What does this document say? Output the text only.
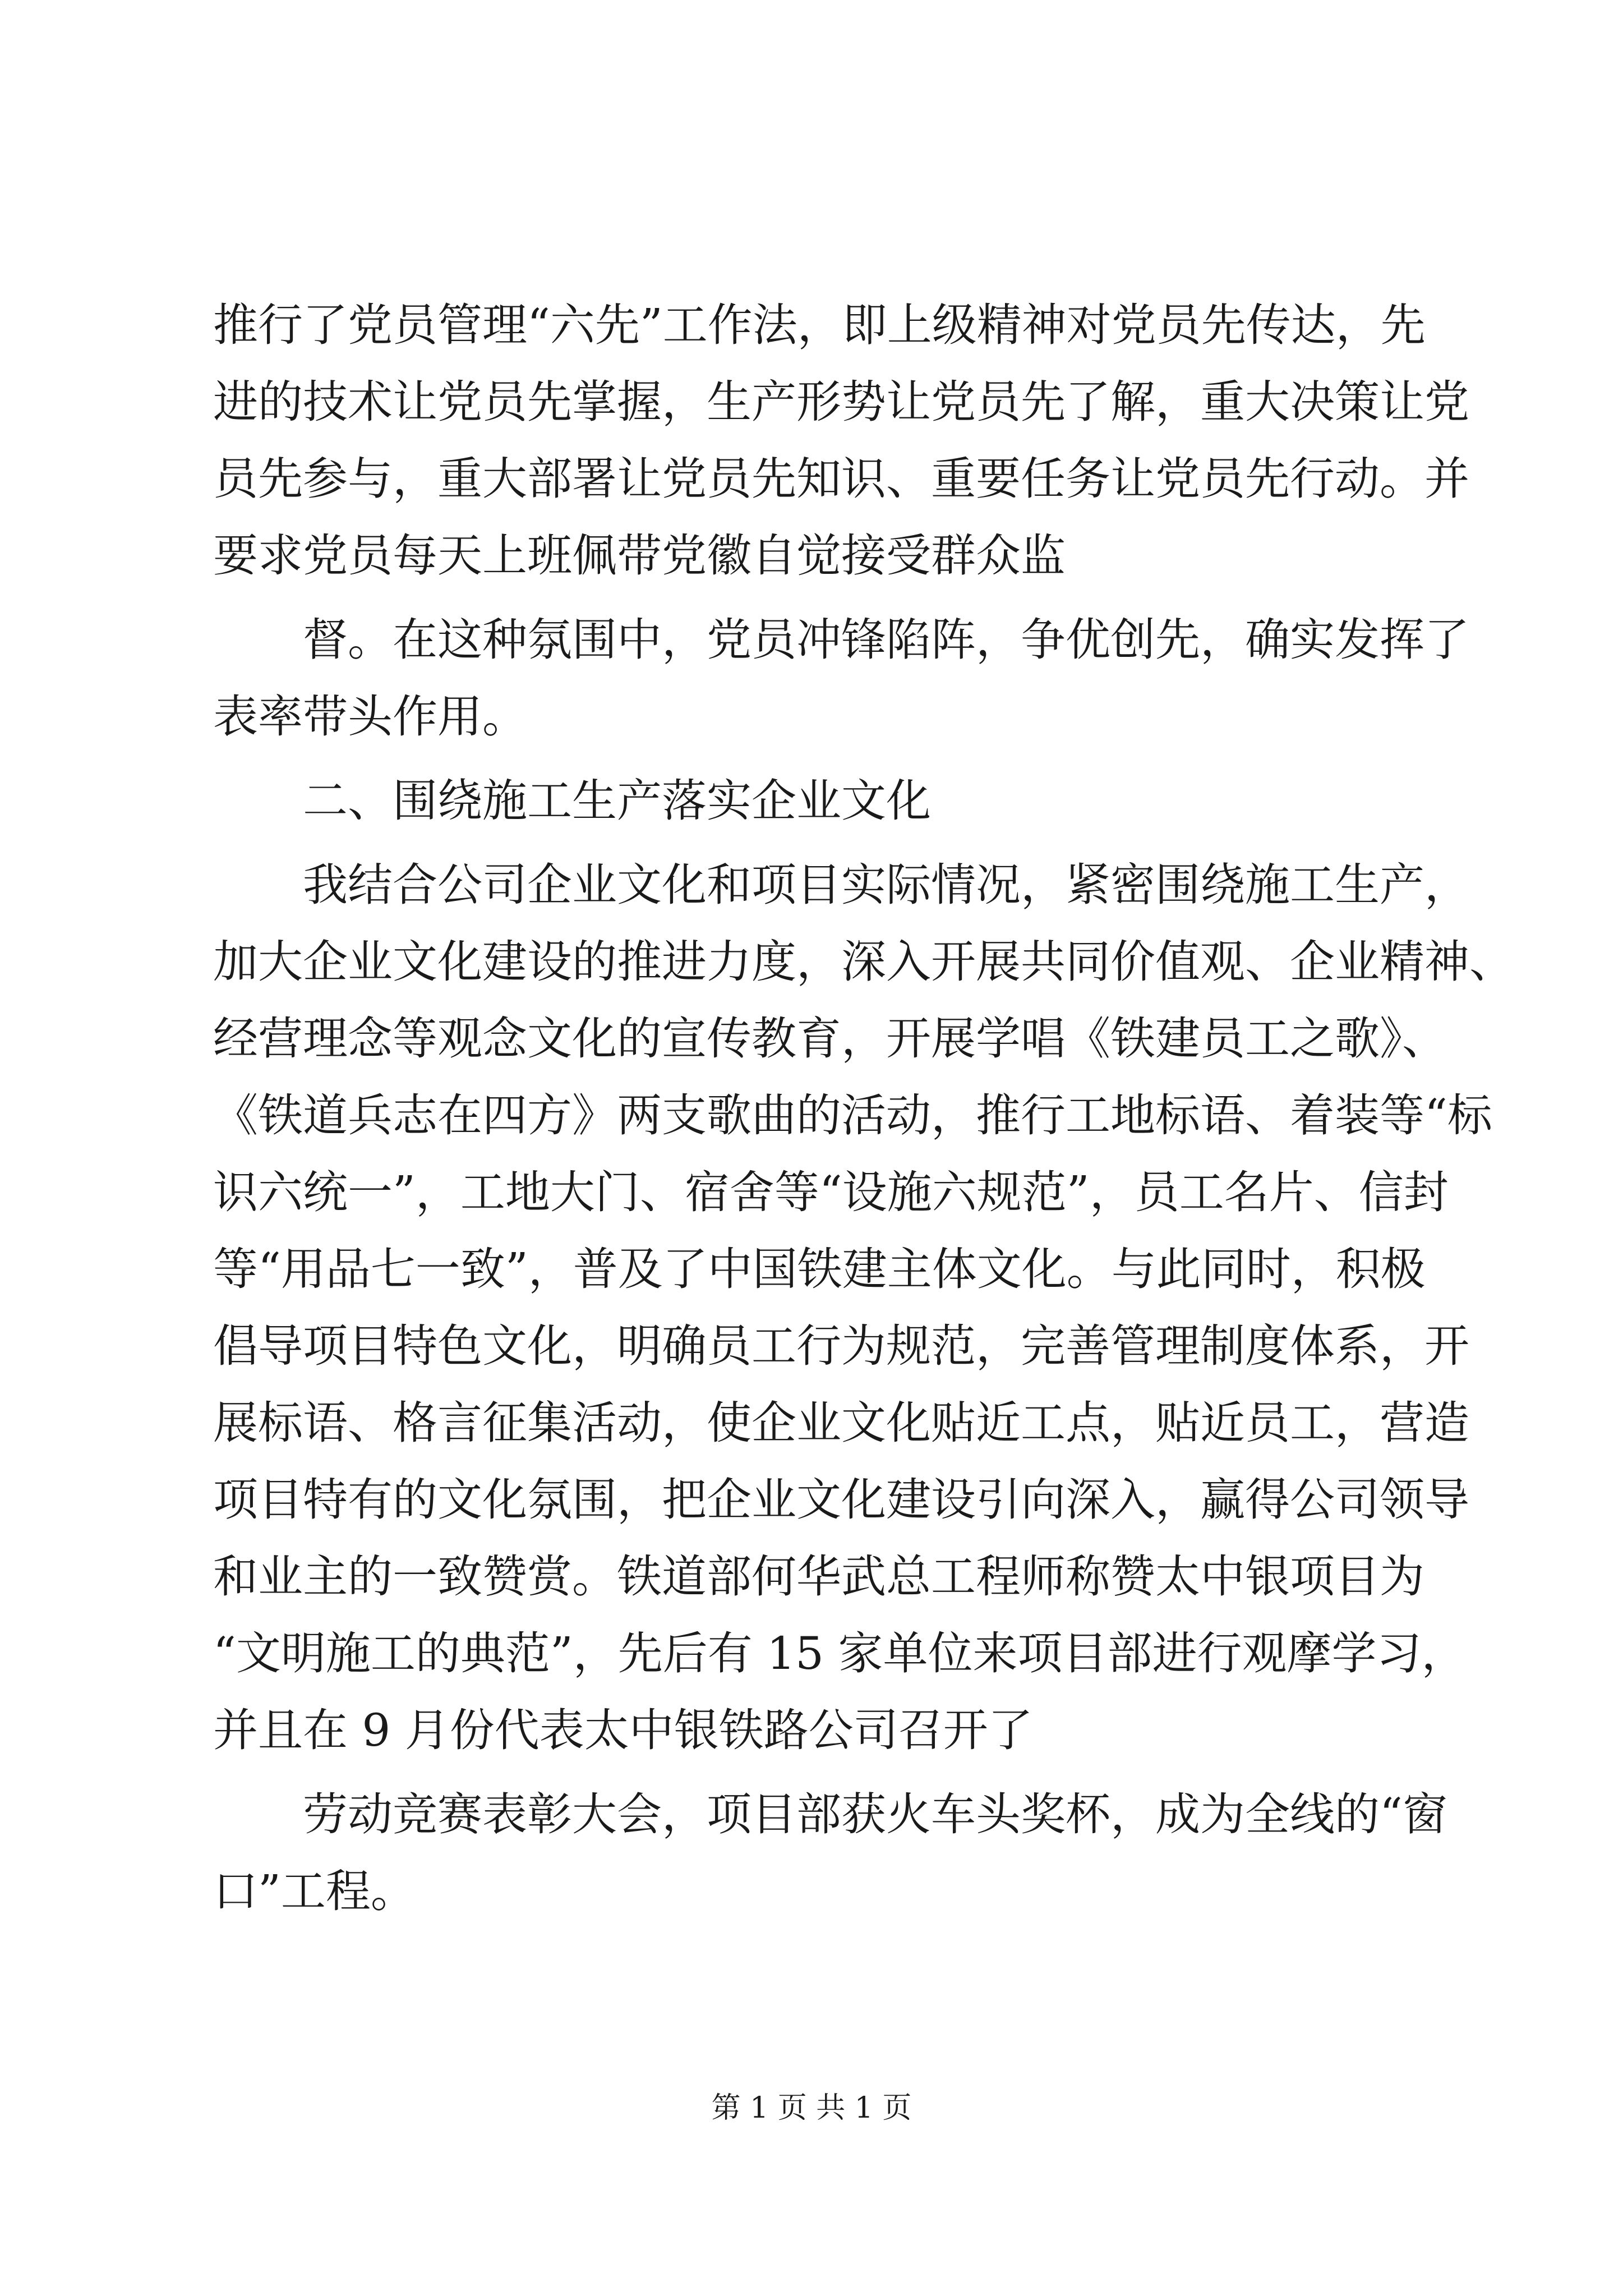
推行了党员管理“六先”工作法，即上级精神对党员先传达，先
进的技术让党员先掌握，生产形势让党员先了解，重大决策让党
员先参与，重大部署让党员先知识、重要任务让党员先行动。并
要求党员每天上班佩带党徽自觉接受群众监
督。在这种氛围中，党员冲锋陷阵，争优创先，确实发挥了
表率带头作用。
二、围绕施工生产落实企业文化
我结合公司企业文化和项目实际情况，紧密围绕施工生产，
加大企业文化建设的推进力度，深入开展共同价值观、企业精神、
经营理念等观念文化的宣传教育，开展学唱《铁建员工之歌》、
《铁道兵志在四方》两支歌曲的活动，推行工地标语、着装等“标
识六统一”，工地大门、宿舍等“设施六规范”，员工名片、信封
等“用品七一致”，普及了中国铁建主体文化。与此同时，积极
倡导项目特色文化，明确员工行为规范，完善管理制度体系，开
展标语、格言征集活动，使企业文化贴近工点，贴近员工，营造
项目特有的文化氛围，把企业文化建设引向深入，赢得公司领导
和业主的一致赞赏。铁道部何华武总工程师称赞太中银项目为
“文明施工的典范”，先后有 15 家单位来项目部进行观摩学习，
并且在 9 月份代表太中银铁路公司召开了
劳动竞赛表彰大会，项目部获火车头奖杯，成为全线的“窗
口”工程。
第 1 页 共 1 页
